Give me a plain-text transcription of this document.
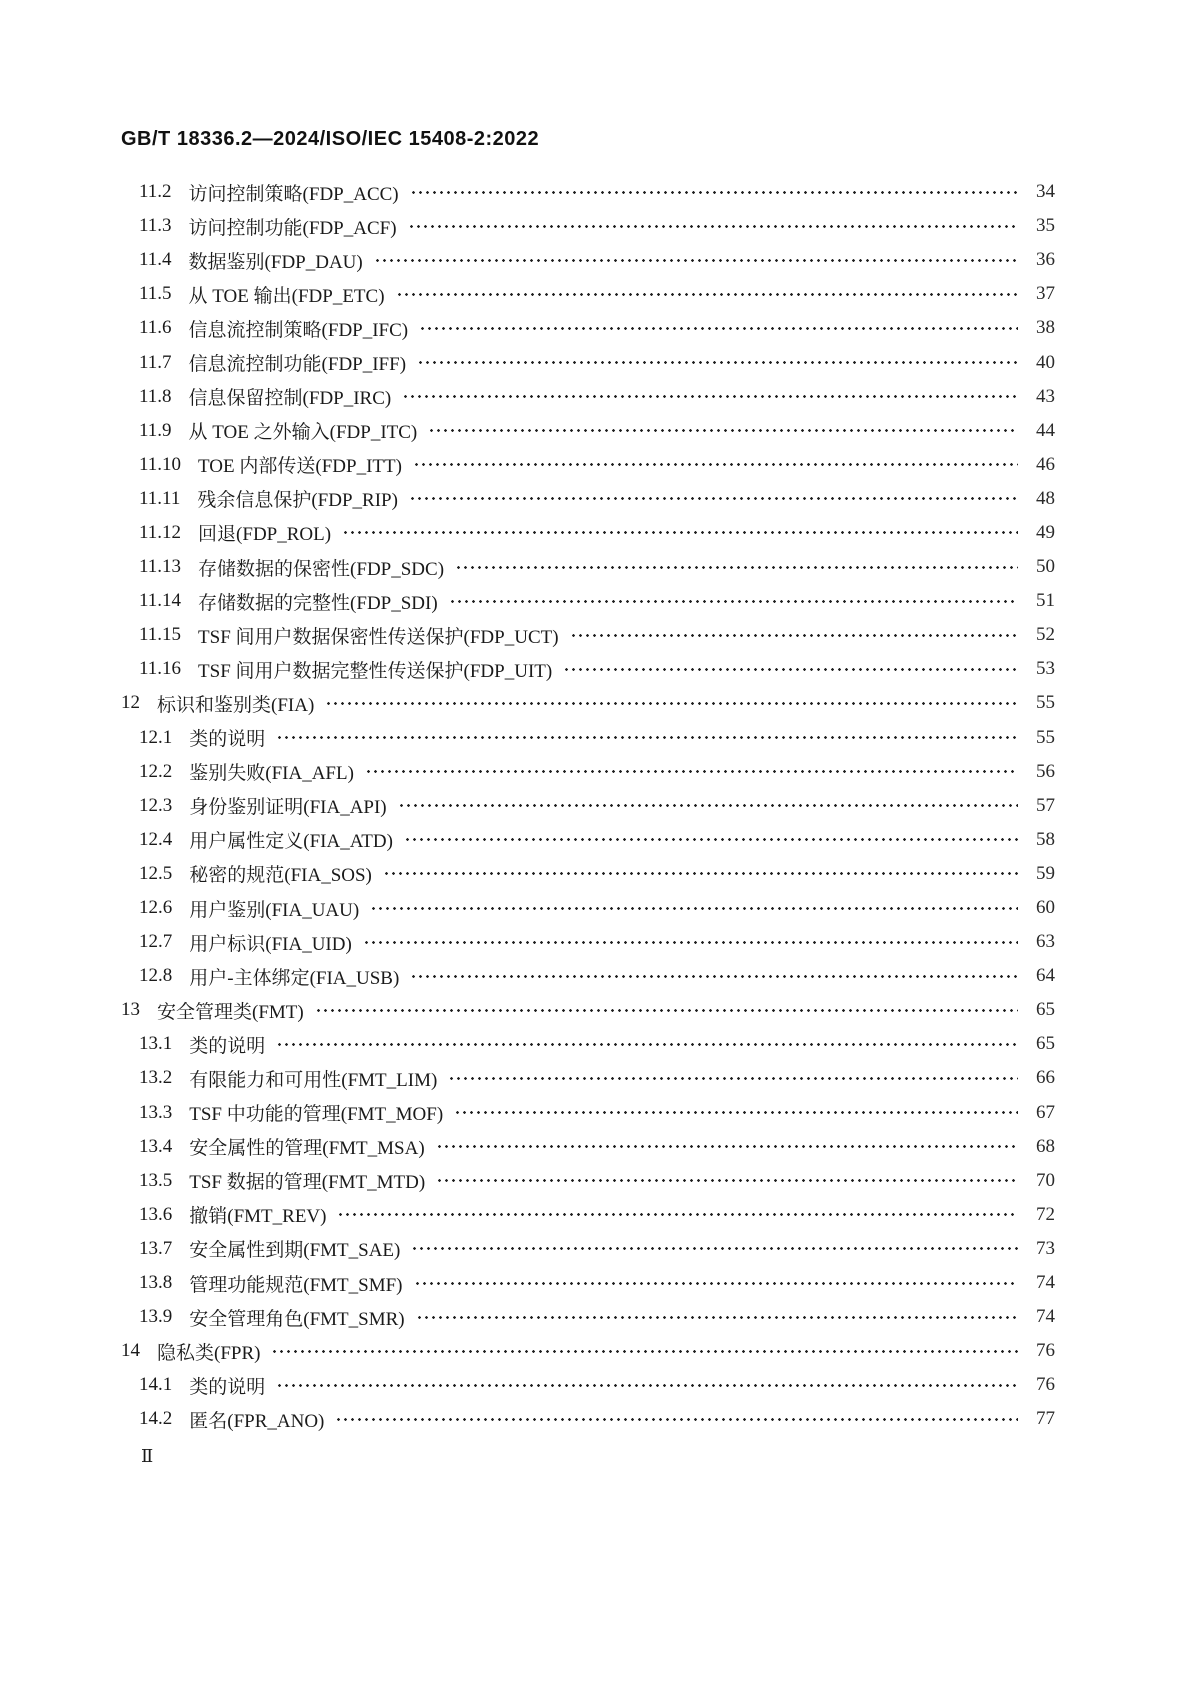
GB/T 18336.2—2024/ISO/IEC 15408-2:2022
11.2 访问控制策略(FDP_ACC)	34
11.3 访问控制功能(FDP_ACF)	35
11.4 数据鉴别(FDP_DAU)	36
11.5 从 TOE 输出(FDP_ETC)	37
11.6 信息流控制策略(FDP_IFC)	38
11.7 信息流控制功能(FDP_IFF)	40
11.8 信息保留控制(FDP_IRC)	43
11.9 从 TOE 之外输入(FDP_ITC)	44
11.10 TOE 内部传送(FDP_ITT)	46
11.11 残余信息保护(FDP_RIP)	48
11.12 回退(FDP_ROL)	49
11.13 存储数据的保密性(FDP_SDC)	50
11.14 存储数据的完整性(FDP_SDI)	51
11.15 TSF 间用户数据保密性传送保护(FDP_UCT)	52
11.16 TSF 间用户数据完整性传送保护(FDP_UIT)	53
12 标识和鉴别类(FIA)	55
12.1 类的说明	55
12.2 鉴别失败(FIA_AFL)	56
12.3 身份鉴别证明(FIA_API)	57
12.4 用户属性定义(FIA_ATD)	58
12.5 秘密的规范(FIA_SOS)	59
12.6 用户鉴别(FIA_UAU)	60
12.7 用户标识(FIA_UID)	63
12.8 用户-主体绑定(FIA_USB)	64
13 安全管理类(FMT)	65
13.1 类的说明	65
13.2 有限能力和可用性(FMT_LIM)	66
13.3 TSF 中功能的管理(FMT_MOF)	67
13.4 安全属性的管理(FMT_MSA)	68
13.5 TSF 数据的管理(FMT_MTD)	70
13.6 撤销(FMT_REV)	72
13.7 安全属性到期(FMT_SAE)	73
13.8 管理功能规范(FMT_SMF)	74
13.9 安全管理角色(FMT_SMR)	74
14 隐私类(FPR)	76
14.1 类的说明	76
14.2 匿名(FPR_ANO)	77
Ⅱ
